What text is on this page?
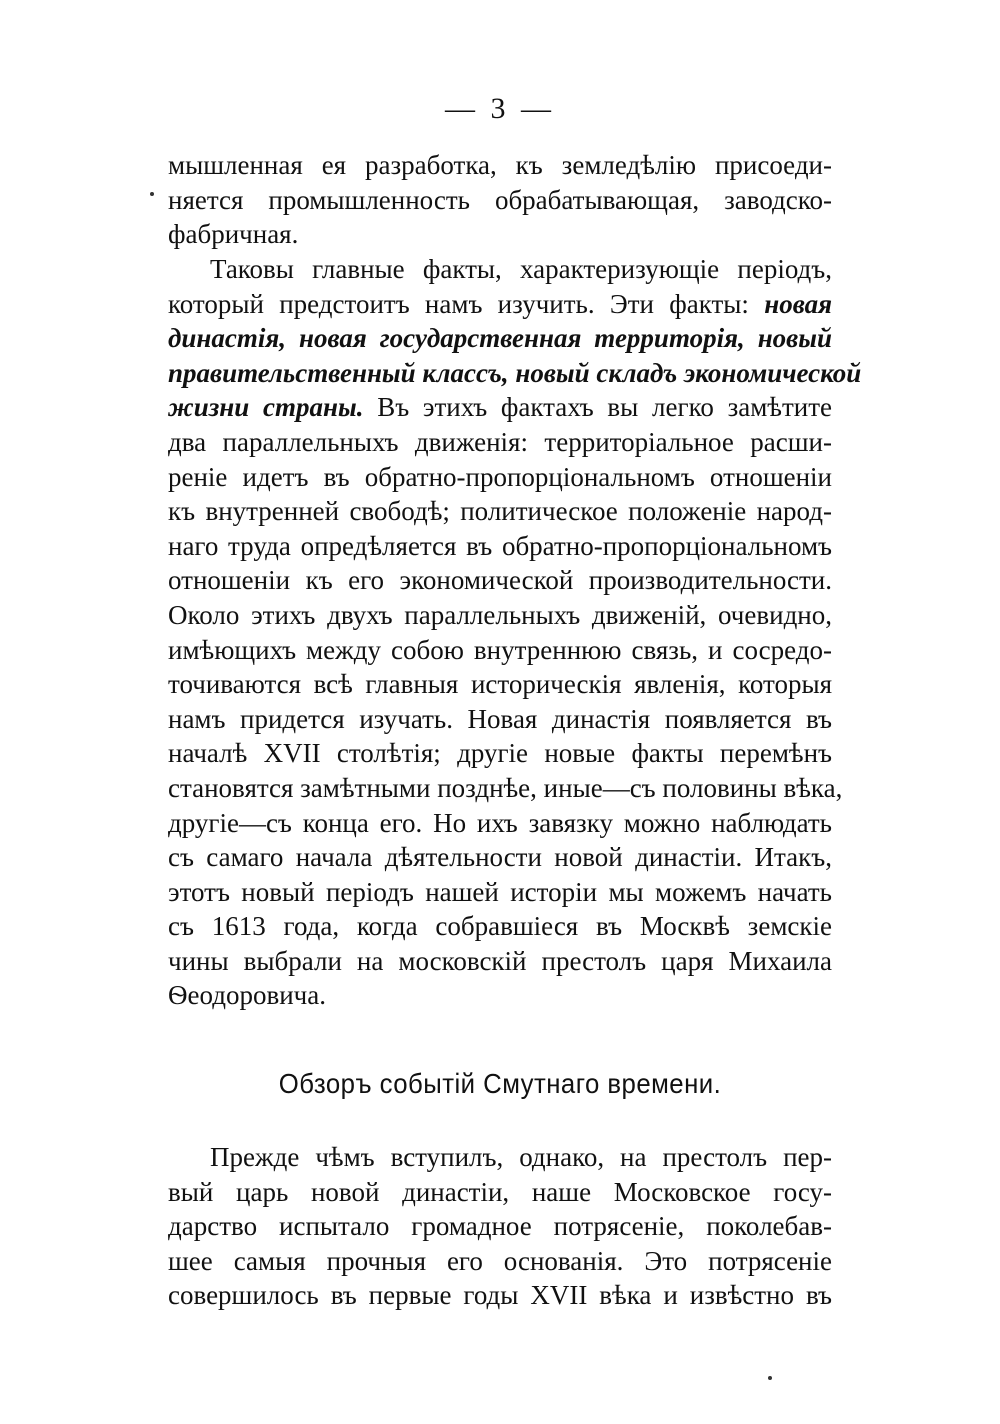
— 3 —
мышленная ея разработка, къ земледѣлію присоеди-
няется промышленность обрабатывающая, заводско-
фабричная.
Таковы главные факты, характеризующіе періодъ,
который предстоитъ намъ изучить. Эти факты: новая
династія, новая государственная территорія, новый
правительственный классъ, новый складъ экономической
жизни страны. Въ этихъ фактахъ вы легко замѣтите
два параллельныхъ движенія: территоріальное расши-
реніе идетъ въ обратно-пропорціональномъ отношеніи
къ внутренней свободѣ; политическое положеніе народ-
наго труда опредѣляется въ обратно-пропорціональномъ
отношеніи къ его экономической производительности.
Около этихъ двухъ параллельныхъ движеній, очевидно,
имѣющихъ между собою внутреннюю связь, и сосредо-
точиваются всѣ главныя историческія явленія, которыя
намъ придется изучать. Новая династія появляется въ
началѣ XVII столѣтія; другіе новые факты перемѣнъ
становятся замѣтными позднѣе, иные—съ половины вѣка,
другіе—съ конца его. Но ихъ завязку можно наблюдать
съ самаго начала дѣятельности новой династіи. Итакъ,
этотъ новый періодъ нашей исторіи мы можемъ начать
съ 1613 года, когда собравшіеся въ Москвѣ земскіе
чины выбрали на московскій престолъ царя Михаила
Ѳеодоровича.
Обзоръ событій Смутнаго времени.
Прежде чѣмъ вступилъ, однако, на престолъ пер-
вый царь новой династіи, наше Московское госу-
дарство испытало громадное потрясеніе, поколебав-
шее самыя прочныя его основанія. Это потрясеніе
совершилось въ первые годы XVII вѣка и извѣстно въ
